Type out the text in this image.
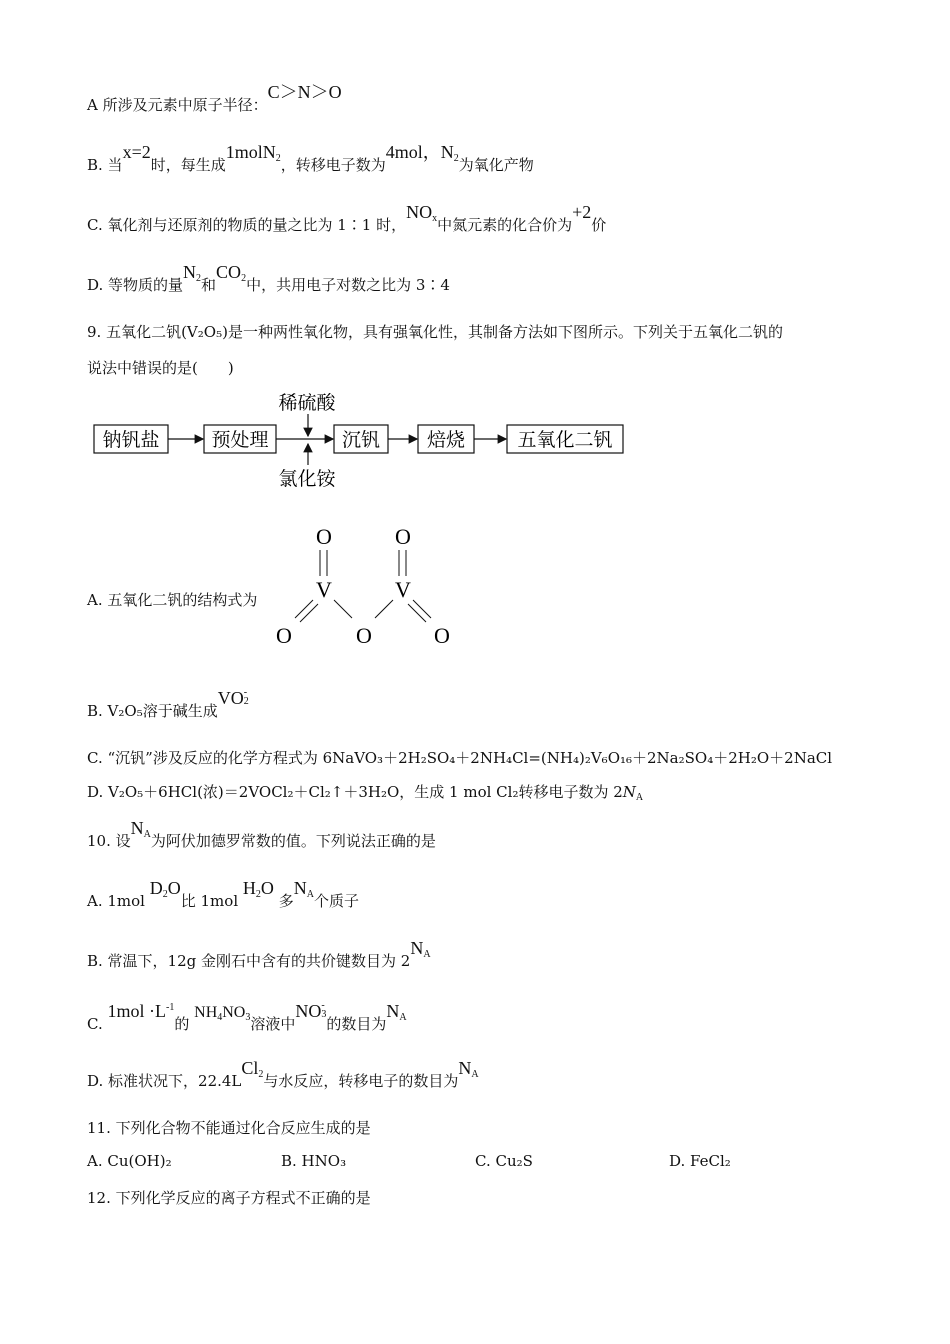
A 所涉及元素中原子半径：C＞N＞O
B. 当x=2时，每生成1molN$_2$，转移电子数为4mol，$N_2$为氧化产物
C. 氧化剂与还原剂的物质的量之比为 1∶1 时，$NO_x$中氮元素的化合价为+2价
D. 等物质的量$N_2$和$CO_2$中，共用电子对数之比为 3∶4
9. 五氧化二钒(V₂O₅)是一种两性氧化物，具有强氧化性，其制备方法如下图所示。下列关于五氧化二钒的
说法中错误的是(　　)
稀硫酸
氯化铵
钠钒盐	预处理	沉钒 焙烧	五氧化二钒
A. 五氧化二钒的结构式为
O	O
V	V
O	O	O
B. V₂O₅溶于碱生成VO -
2
C. “沉钒”涉及反应的化学方程式为 6NaVO₃＋2H₂SO₄＋2NH₄Cl=(NH₄)₂V₆O₁₆＋2Na₂SO₄＋2H₂O＋2NaCl
D. V₂O₅＋6HCl(浓)＝2VOCl₂＋Cl₂↑＋3H₂O，生成 1 mol Cl₂转移电子数为 $2N_A$
10. 设$N_A$为阿伏加德罗常数的值。下列说法正确的是
A. 1mol $D_2O$比 1mol $H_2O$ 多$N_A$个质子
B. 常温下，12g 金刚石中含有的共价键数目为 $2N_A$
C. $1mol \cdot L^{-1}$的 $NH_4NO_3$溶液中NO -
3
的数目为$N_A$
D. 标准状况下，22.4LCl$_2$与水反应，转移电子的数目为$N_A$
11. 下列化合物不能通过化合反应生成的是
A. Cu(OH)₂	B. HNO₃	C. Cu₂S	D. FeCl₂
12. 下列化学反应的离子方程式不正确的是
